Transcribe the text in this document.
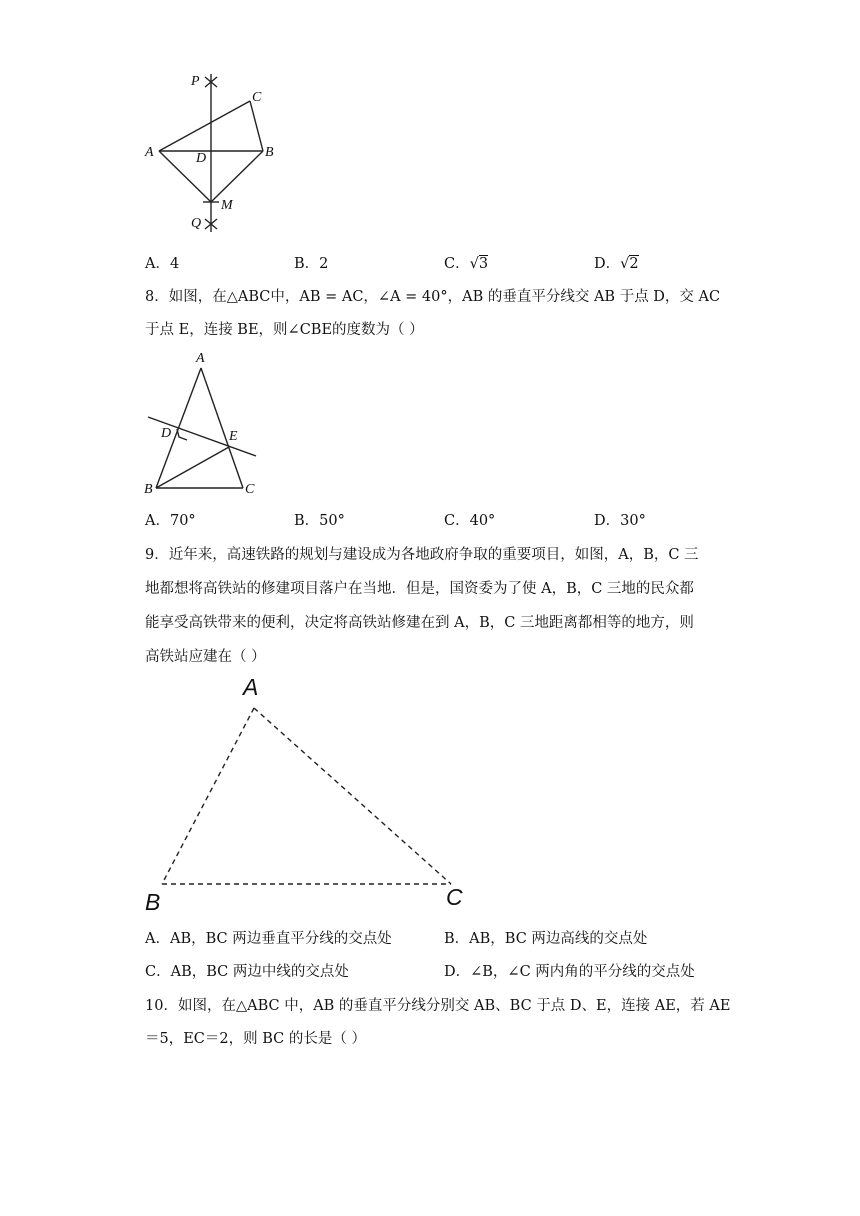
P
C
A	D	B
M
Q
A．4	B．2	C．√3	D．√2
8．如图，在△ABC中，AB = AC，∠A = 40°，AB 的垂直平分线交 AB 于点 D，交 AC
于点 E，连接 BE，则∠CBE的度数为（ ）
A
D	E
B	C
A．70°	B．50°	C．40°	D．30°
9．近年来，高速铁路的规划与建设成为各地政府争取的重要项目，如图，A，B，C 三
地都想将高铁站的修建项目落户在当地．但是，国资委为了使 A，B，C 三地的民众都
能享受高铁带来的便利，决定将高铁站修建在到 A，B，C 三地距离都相等的地方，则
高铁站应建在（ ）
A
B	C
A．AB，BC 两边垂直平分线的交点处	B．AB，BC 两边高线的交点处
C．AB，BC 两边中线的交点处	D．∠B，∠C 两内角的平分线的交点处
10．如图，在△ABC 中，AB 的垂直平分线分别交 AB、BC 于点 D、E，连接 AE，若 AE
＝5，EC＝2，则 BC 的长是（ ）
